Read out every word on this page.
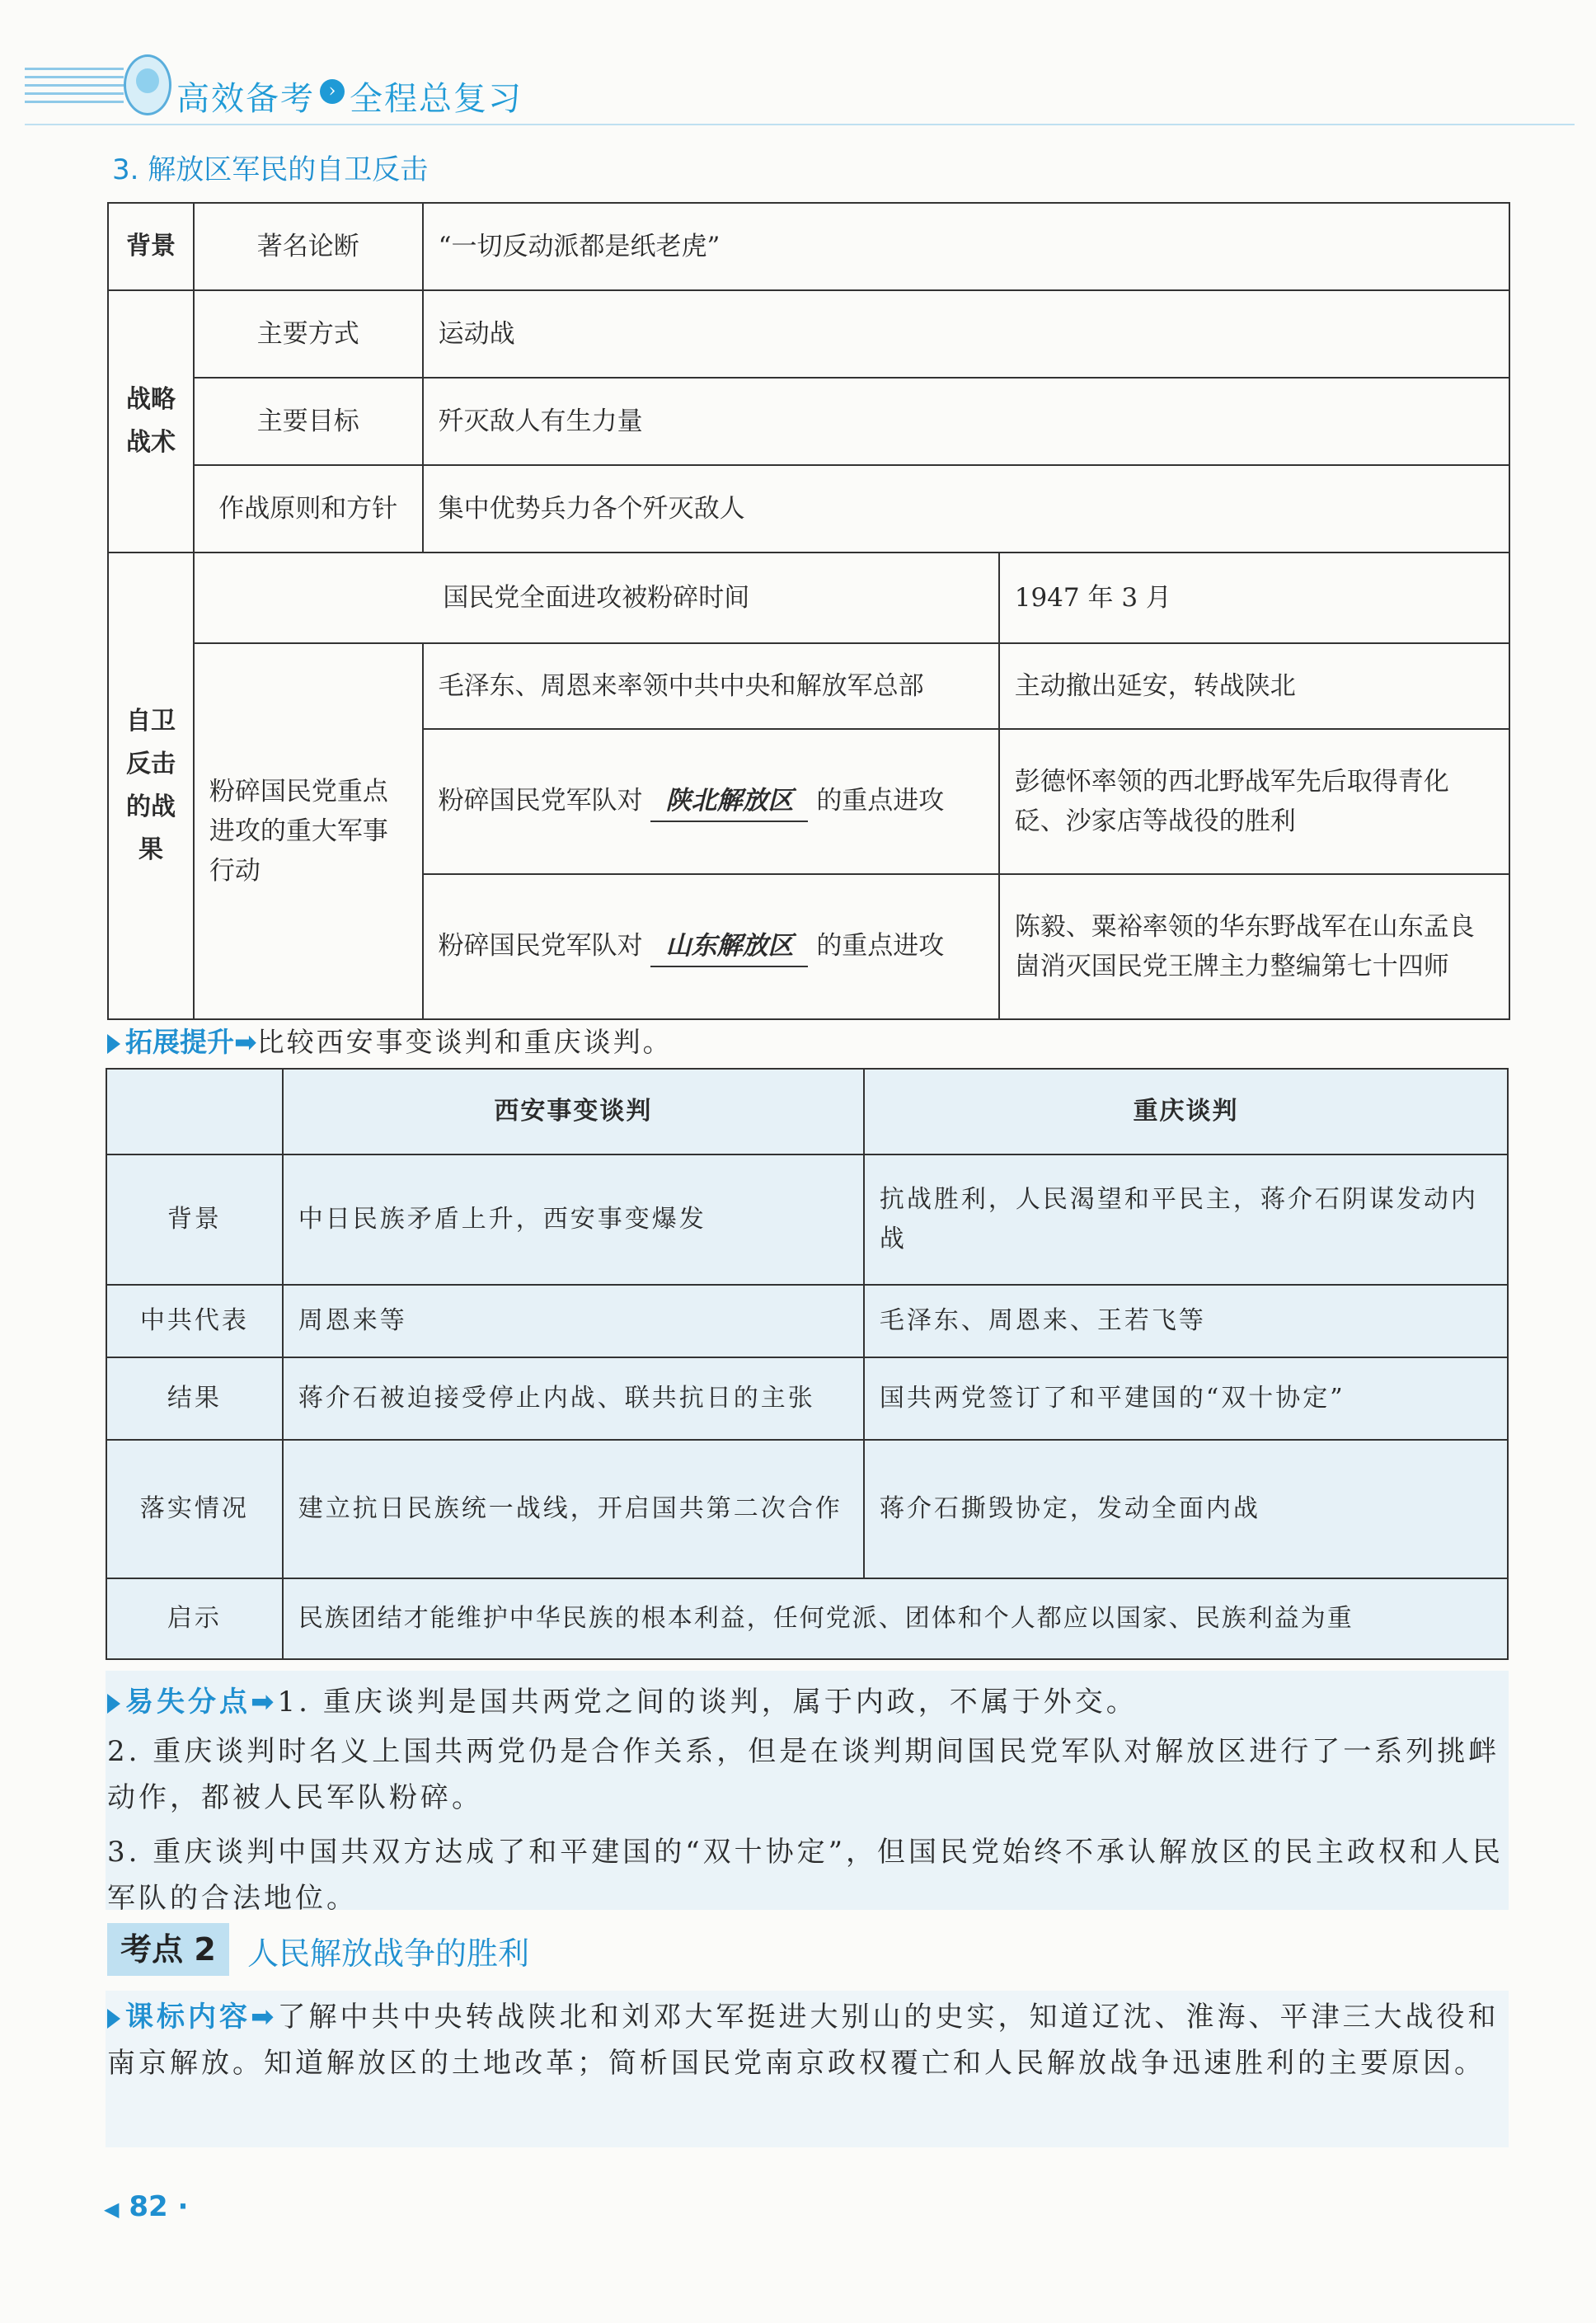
高效备考 › 全程总复习
3. 解放区军民的自卫反击
背景	著名论断	“一切反动派都是纸老虎”	
战略战术	主要方式	运动战	
	主要目标	歼灭敌人有生力量	
	作战原则和方针	集中优势兵力各个歼灭敌人	
自卫反击的战果	国民党全面进攻被粉碎时间		1947 年 3 月
	粉碎国民党重点进攻的重大军事行动	毛泽东、周恩来率领中共中央和解放军总部	主动撤出延安，转战陕北
		粉碎国民党军队对 陕北解放区 的重点进攻	彭德怀率领的西北野战军先后取得青化砭、沙家店等战役的胜利
		粉碎国民党军队对 山东解放区 的重点进攻	陈毅、粟裕率领的华东野战军在山东孟良崮消灭国民党王牌主力整编第七十四师
拓展提升➡比较西安事变谈判和重庆谈判。
	西安事变谈判	重庆谈判
背景	中日民族矛盾上升，西安事变爆发	抗战胜利，人民渴望和平民主，蒋介石阴谋发动内战
中共代表	周恩来等	毛泽东、周恩来、王若飞等
结果	蒋介石被迫接受停止内战、联共抗日的主张	国共两党签订了和平建国的“双十协定”
落实情况	建立抗日民族统一战线，开启国共第二次合作	蒋介石撕毁协定，发动全面内战
启示	民族团结才能维护中华民族的根本利益，任何党派、团体和个人都应以国家、民族利益为重	
易失分点➡1. 重庆谈判是国共两党之间的谈判，属于内政，不属于外交。
2. 重庆谈判时名义上国共两党仍是合作关系，但是在谈判期间国民党军队对解放区进行了一系列挑衅动作，都被人民军队粉碎。
3. 重庆谈判中国共双方达成了和平建国的“双十协定”，但国民党始终不承认解放区的民主政权和人民军队的合法地位。
考点 2	人民解放战争的胜利
课标内容➡了解中共中央转战陕北和刘邓大军挺进大别山的史实，知道辽沈、淮海、平津三大战役和南京解放。知道解放区的土地改革；简析国民党南京政权覆亡和人民解放战争迅速胜利的主要原因。
◀ 82 ·
